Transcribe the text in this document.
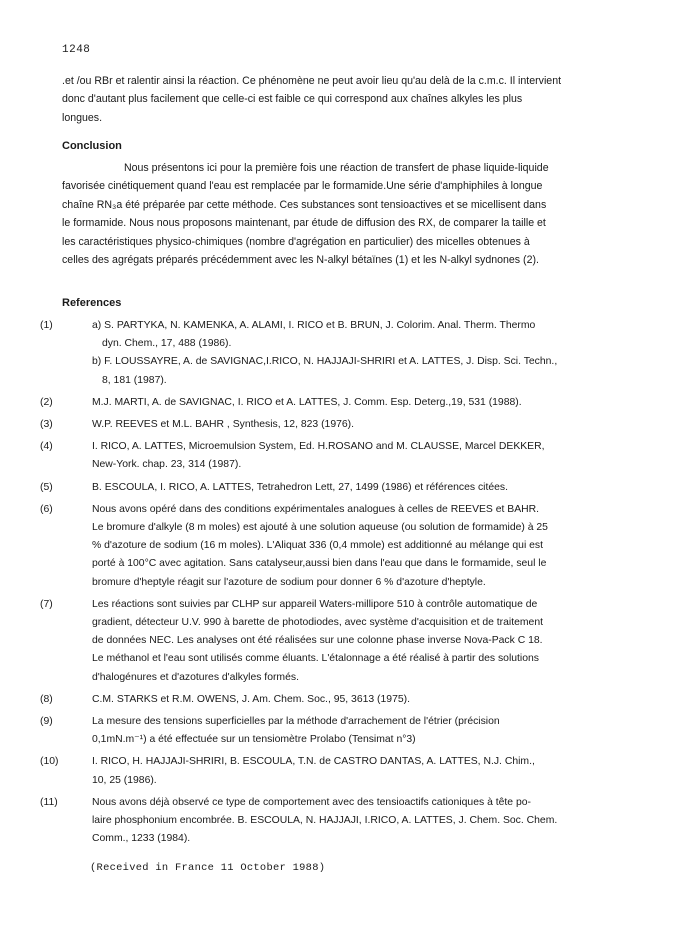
1248
.et /ou RBr et ralentir ainsi la réaction. Ce phénomène ne peut avoir lieu qu'au delà de la c.m.c. Il intervient
donc d'autant plus facilement que celle-ci est faible ce qui correspond aux chaînes alkyles les plus
longues.
Conclusion

Nous présentons ici pour la première fois une réaction de transfert de phase liquide-liquide

favorisée cinétiquement quand l'eau est remplacée par le formamide.Une série d'amphiphiles à longue
chaîne RN₃a été préparée par cette méthode. Ces substances sont tensioactives et se micellisent dans
le formamide. Nous nous proposons maintenant, par étude de diffusion des RX, de comparer la taille et
les caractéristiques physico-chimiques (nombre d'agrégation en particulier) des micelles obtenues à
celles des agrégats préparés précédemment avec les N-alkyl bétaïnes (1) et les N-alkyl sydnones (2).
References
(1)	a) S. PARTYKA, N. KAMENKA, A. ALAMI, I. RICO et B. BRUN, J. Colorim. Anal. Therm. Thermo
dyn. Chem., 17, 488 (1986).
b) F. LOUSSAYRE, A. de SAVIGNAC,I.RICO, N. HAJJAJI-SHRIRI et A. LATTES, J. Disp. Sci. Techn.,
8, 181 (1987).
(2)	M.J. MARTI, A. de SAVIGNAC, I. RICO et A. LATTES, J. Comm. Esp. Deterg.,19, 531 (1988).
(3)	W.P. REEVES et M.L. BAHR , Synthesis, 12, 823 (1976).
(4)	I. RICO, A. LATTES, Microemulsion System, Ed. H.ROSANO and M. CLAUSSE, Marcel DEKKER,
New-York. chap. 23, 314 (1987).
(5)	B. ESCOULA, I. RICO, A. LATTES, Tetrahedron Lett, 27, 1499 (1986) et références citées.
(6)	Nous avons opéré dans des conditions expérimentales analogues à celles de REEVES et BAHR.
Le bromure d'alkyle (8 m moles) est ajouté à une solution aqueuse (ou solution de formamide) à 25
% d'azoture de sodium (16 m moles). L'Aliquat 336 (0,4 mmole) est additionné au mélange qui est
porté à 100°C avec agitation. Sans catalyseur,aussi bien dans l'eau que dans le formamide, seul le
bromure d'heptyle réagit sur l'azoture de sodium pour donner 6 % d'azoture d'heptyle.
(7)	Les réactions sont suivies par CLHP sur appareil Waters-millipore 510 à contrôle automatique de
gradient, détecteur U.V. 990 à barette de photodiodes, avec système d'acquisition et de traitement
de données NEC. Les analyses ont été réalisées sur une colonne phase inverse Nova-Pack C 18.
Le méthanol et l'eau sont utilisés comme éluants. L'étalonnage a été réalisé à partir des solutions
d'halogénures et d'azotures d'alkyles formés.
(8)	C.M. STARKS et R.M. OWENS, J. Am. Chem. Soc., 95, 3613 (1975).
(9)	La mesure des tensions superficielles par la méthode d'arrachement de l'étrier (précision
0,1mN.m⁻¹) a été effectuée sur un tensiomètre Prolabo (Tensimat n°3)
(10)	I. RICO, H. HAJJAJI-SHRIRI, B. ESCOULA, T.N. de CASTRO DANTAS, A. LATTES, N.J. Chim.,
10, 25 (1986).
(11)	Nous avons déjà observé ce type de comportement avec des tensioactifs cationiques à tête po-
laire phosphonium encombrée. B. ESCOULA, N. HAJJAJI, I.RICO, A. LATTES, J. Chem. Soc. Chem.
Comm., 1233 (1984).
(Received in France 11 October 1988)
